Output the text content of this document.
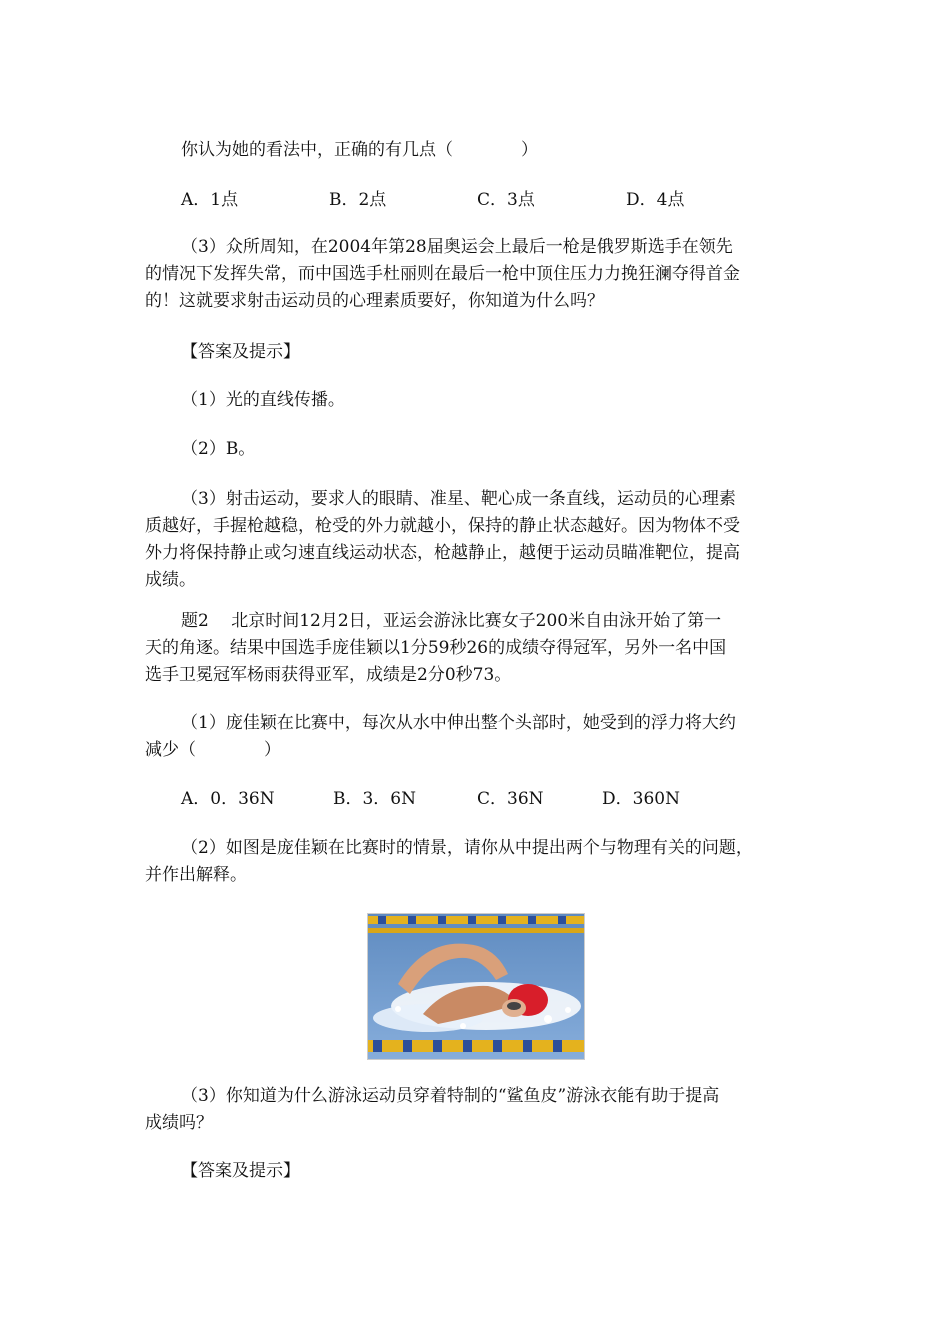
你认为她的看法中，正确的有几点（　　　　）

A．1点	B．2点	C．3点	D．4点

（3）众所周知，在2004年第28届奥运会上最后一枪是俄罗斯选手在领先
的情况下发挥失常，而中国选手杜丽则在最后一枪中顶住压力力挽狂澜夺得首金
的！这就要求射击运动员的心理素质要好，你知道为什么吗？

【答案及提示】

（1）光的直线传播。

（2）B。

（3）射击运动，要求人的眼睛、准星、靶心成一条直线，运动员的心理素
质越好，手握枪越稳，枪受的外力就越小，保持的静止状态越好。因为物体不受
外力将保持静止或匀速直线运动状态，枪越静止，越便于运动员瞄准靶位，提高
成绩。

题2　 北京时间12月2日，亚运会游泳比赛女子200米自由泳开始了第一
天的角逐。结果中国选手庞佳颖以1分59秒26的成绩夺得冠军，另外一名中国
选手卫冕冠军杨雨获得亚军，成绩是2分0秒73。

（1）庞佳颖在比赛中，每次从水中伸出整个头部时，她受到的浮力将大约
减少（　　　　）

A．0．36N	B．3．6N	C．36N	D．360N

（2）如图是庞佳颖在比赛时的情景，请你从中提出两个与物理有关的问题，
并作出解释。

（3）你知道为什么游泳运动员穿着特制的“鲨鱼皮”游泳衣能有助于提高
成绩吗？

【答案及提示】
